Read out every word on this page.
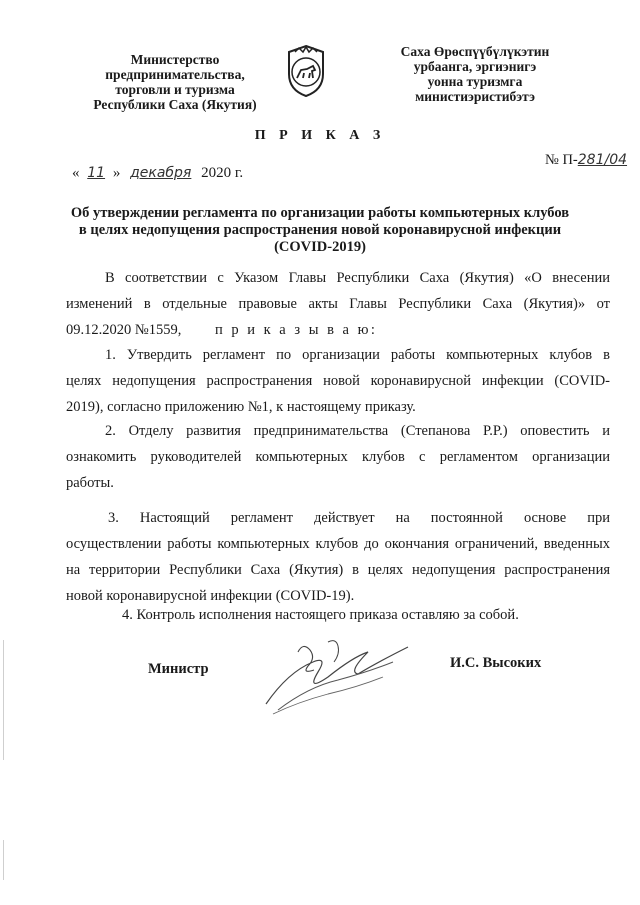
Министерство
предпринимательства,
торговли и туризма
Республики Саха (Якутия)
Саха Өрөспүүбүлүкэтин
урбаанга, эргиэнигэ
уонна туризмга
министиэристибэтэ
П Р И К А З
« 11 » декабря 2020 г.
№ П-281/04
Об утверждении регламента по организации работы компьютерных клубов в целях недопущения распространения новой коронавирусной инфекции (COVID-2019)
В соответствии с Указом Главы Республики Саха (Якутия) «О внесении
изменений в отдельные правовые акты Главы Республики Саха (Якутия)» от
09.12.2020 №1559, п р и к а з ы в а ю:
1. Утвердить регламент по организации работы компьютерных клубов в
целях недопущения распространения новой коронавирусной инфекции (COVID-
2019), согласно приложению №1, к настоящему приказу.
2. Отделу развития предпринимательства (Степанова Р.Р.) оповестить и
ознакомить руководителей компьютерных клубов с регламентом организации
работы.
3. Настоящий регламент действует на постоянной основе при
осуществлении работы компьютерных клубов до окончания ограничений, введенных
на территории Республики Саха (Якутия) в целях недопущения распространения
новой коронавирусной инфекции (COVID-19).
4. Контроль исполнения настоящего приказа оставляю за собой.
Министр	И.С. Высоких
